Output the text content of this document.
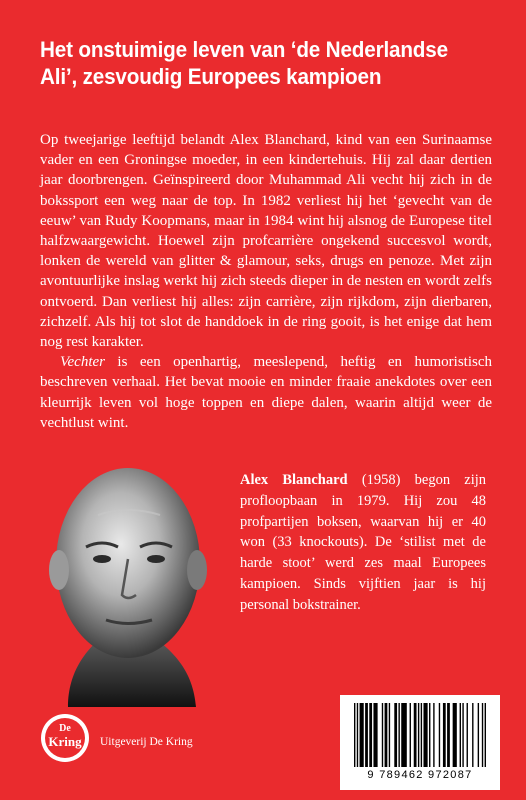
Het onstuimige leven van ‘de Nederlandse
Ali’, zesvoudig Europees kampioen

Op tweejarige leeftijd belandt Alex Blanchard, kind van een Surinaamse vader en een Groningse moeder, in een kindertehuis. Hij zal daar dertien jaar doorbrengen. Geïnspireerd door Muhammad Ali vecht hij zich in de bokssport een weg naar de top. In 1982 verliest hij het ‘gevecht van de eeuw’ van Rudy Koopmans, maar in 1984 wint hij alsnog de Europese titel halfzwaargewicht. Hoewel zijn profcarrière ongekend succesvol wordt, lonken de wereld van glitter & glamour, seks, drugs en penoze. Met zijn avontuurlijke inslag werkt hij zich steeds dieper in de nesten en wordt zelfs ontvoerd. Dan verliest hij alles: zijn carrière, zijn rijkdom, zijn dierbaren, zichzelf. Als hij tot slot de handdoek in de ring gooit, is het enige dat hem nog rest karakter.

Vechter is een openhartig, meeslepend, heftig en humoristisch beschreven verhaal. Het bevat mooie en minder fraaie anekdotes over een kleurrijk leven vol hoge toppen en diepe dalen, waarin altijd weer de vechtlust wint.

Alex Blanchard (1958) begon zijn profloopbaan in 1979. Hij zou 48 profpartijen boksen, waarvan hij er 40 won (33 knockouts). De ‘stilist met de harde stoot’ werd zes maal Europees kampioen. Sinds vijftien jaar is hij personal bokstrainer.

De
Kring Uitgeverij De Kring

9 789462 972087
